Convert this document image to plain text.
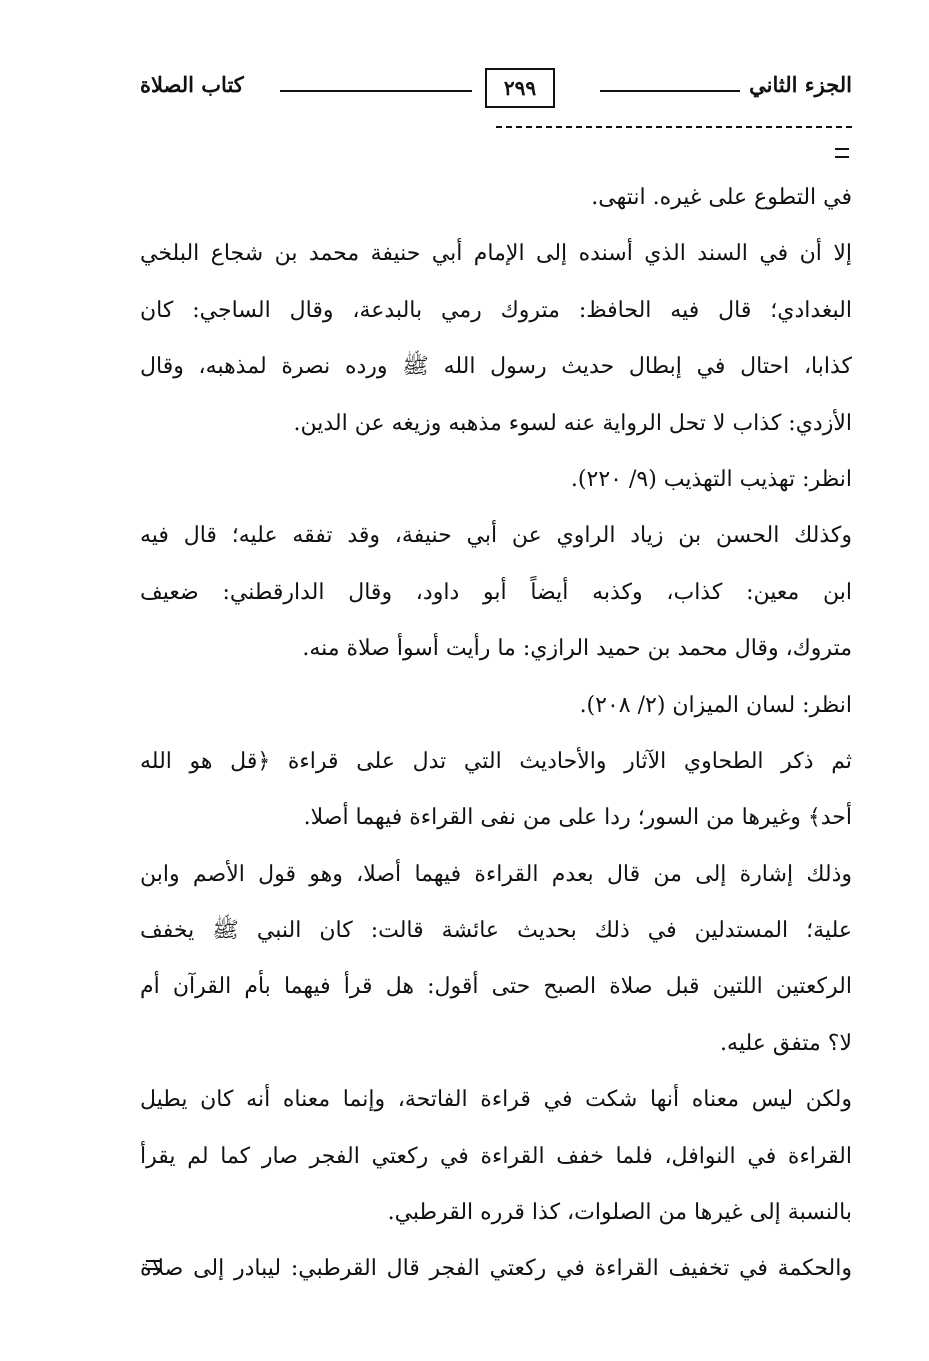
الجزء الثاني
٢٩٩
كتاب الصلاة
في التطوع على غيره. انتهى.
إلا أن في السند الذي أسنده إلى الإمام أبي حنيفة محمد بن شجاع البلخي
البغدادي؛ قال فيه الحافظ: متروك رمي بالبدعة، وقال الساجي: كان
كذابا، احتال في إبطال حديث رسول الله ﷺ ورده نصرة لمذهبه، وقال
الأزدي: كذاب لا تحل الرواية عنه لسوء مذهبه وزيغه عن الدين.
انظر: تهذيب التهذيب (٩/ ٢٢٠).
وكذلك الحسن بن زياد الراوي عن أبي حنيفة، وقد تفقه عليه؛ قال فيه
ابن معين: كذاب، وكذبه أيضاً أبو داود، وقال الدارقطني: ضعيف
متروك، وقال محمد بن حميد الرازي: ما رأيت أسوأ صلاة منه.
انظر: لسان الميزان (٢/ ٢٠٨).
ثم ذكر الطحاوي الآثار والأحاديث التي تدل على قراءة ﴿قل هو الله
أحد﴾ وغيرها من السور؛ ردا على من نفى القراءة فيهما أصلا.
وذلك إشارة إلى من قال بعدم القراءة فيهما أصلا، وهو قول الأصم وابن
علية؛ المستدلين في ذلك بحديث عائشة قالت: كان النبي ﷺ يخفف
الركعتين اللتين قبل صلاة الصبح حتى أقول: هل قرأ فيهما بأم القرآن أم
لا؟ متفق عليه.
ولكن ليس معناه أنها شكت في قراءة الفاتحة، وإنما معناه أنه كان يطيل
القراءة في النوافل، فلما خفف القراءة في ركعتي الفجر صار كما لم يقرأ
بالنسبة إلى غيرها من الصلوات، كذا قرره القرطبي.
والحكمة في تخفيف القراءة في ركعتي الفجر قال القرطبي: ليبادر إلى صلاة
